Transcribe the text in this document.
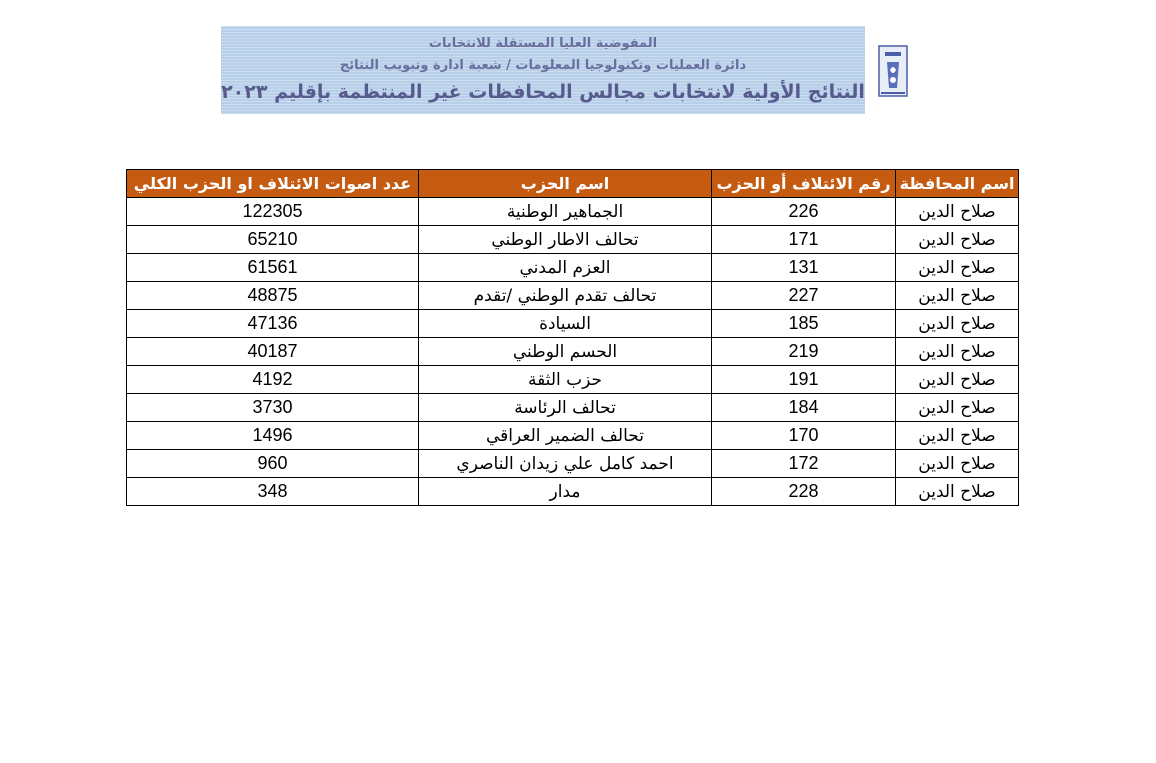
المفوضية العليا المستقلة للانتخابات
دائرة العمليات وتكنولوجيا المعلومات / شعبة ادارة وتبويب النتائج
النتائج الأولية لانتخابات مجالس المحافظات غير المنتظمة بإقليم ٢٠٢٣
اسم المحافظة	رقم الائتلاف أو الحزب	اسم الحزب	عدد اصوات الائتلاف او الحزب الكلي
صلاح الدين	226	الجماهير الوطنية	122305
صلاح الدين	171	تحالف الاطار الوطني	65210
صلاح الدين	131	العزم المدني	61561
صلاح الدين	227	تحالف تقدم الوطني /تقدم	48875
صلاح الدين	185	السيادة	47136
صلاح الدين	219	الحسم الوطني	40187
صلاح الدين	191	حزب الثقة	4192
صلاح الدين	184	تحالف الرئاسة	3730
صلاح الدين	170	تحالف الضمير العراقي	1496
صلاح الدين	172	احمد كامل علي زيدان الناصري	960
صلاح الدين	228	مدار	348
